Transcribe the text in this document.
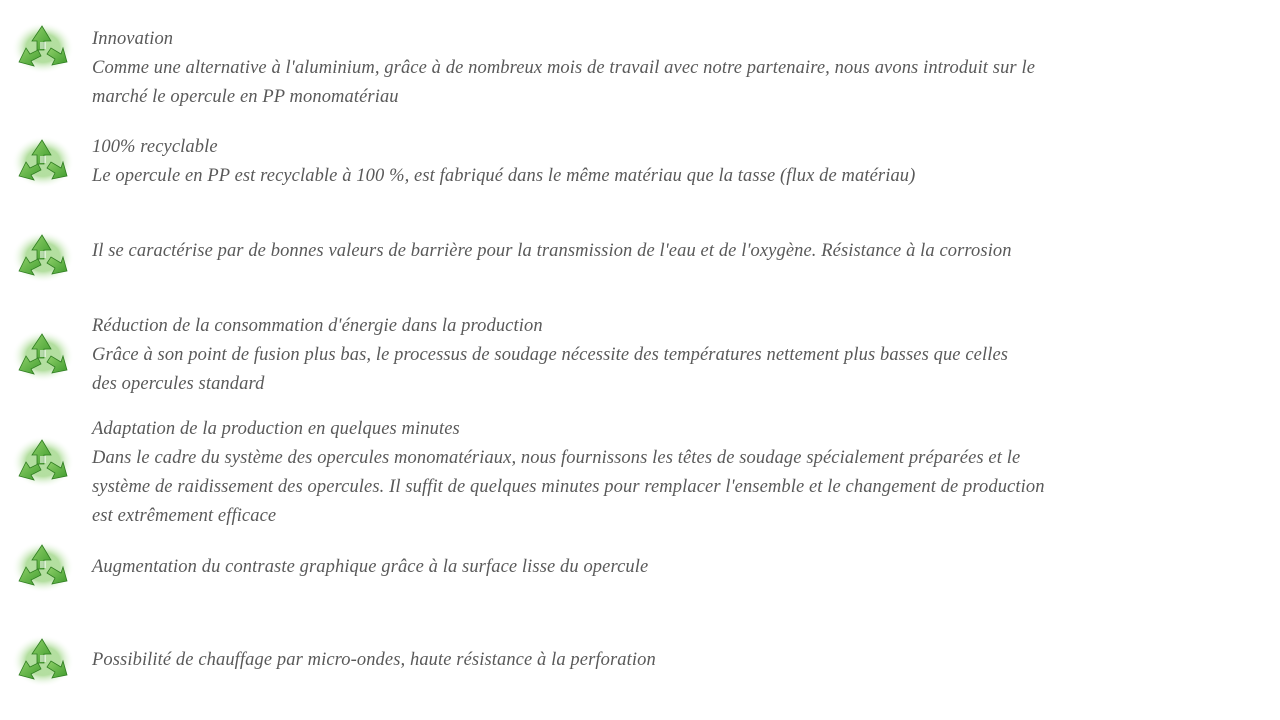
Innovation
Comme une alternative à l'aluminium, grâce à de nombreux mois de travail avec notre partenaire, nous avons introduit sur le
marché le opercule en PP monomatériau
100% recyclable
Le opercule en PP est recyclable à 100 %, est fabriqué dans le même matériau que la tasse (flux de matériau)
Il se caractérise par de bonnes valeurs de barrière pour la transmission de l'eau et de l'oxygène. Résistance à la corrosion
Réduction de la consommation d'énergie dans la production
Grâce à son point de fusion plus bas, le processus de soudage nécessite des températures nettement plus basses que celles
des opercules standard
Adaptation de la production en quelques minutes
Dans le cadre du système des opercules monomatériaux, nous fournissons les têtes de soudage spécialement préparées et le
système de raidissement des opercules. Il suffit de quelques minutes pour remplacer l'ensemble et le changement de production
est extrêmement efficace
Augmentation du contraste graphique grâce à la surface lisse du opercule
Possibilité de chauffage par micro-ondes, haute résistance à la perforation
